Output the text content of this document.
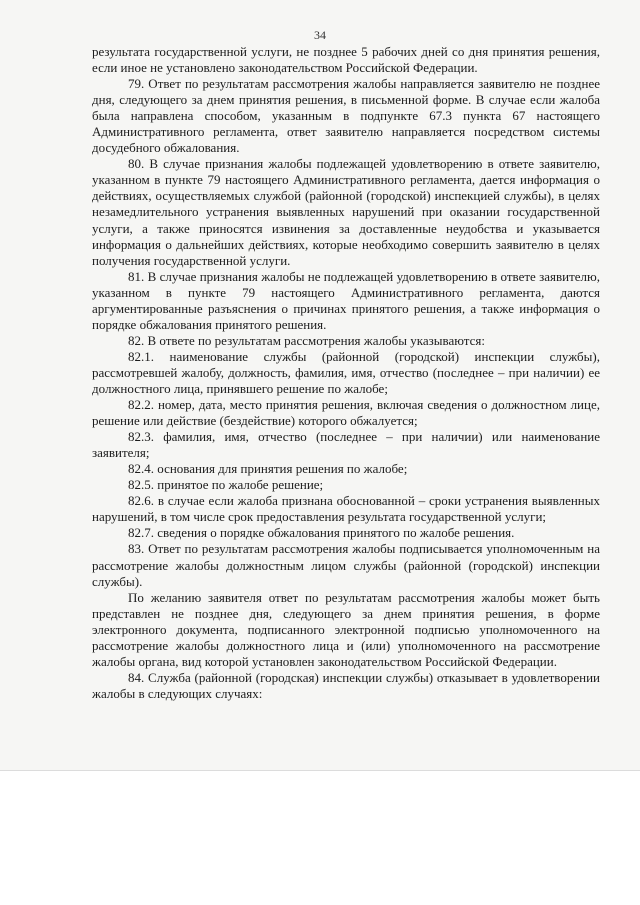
34

результата государственной услуги, не позднее 5 рабочих дней со дня принятия решения, если иное не установлено законодательством Российской Федерации.

79. Ответ по результатам рассмотрения жалобы направляется заявителю не позднее дня, следующего за днем принятия решения, в письменной форме. В случае если жалоба была направлена способом, указанным в подпункте 67.3 пункта 67 настоящего Административного регламента, ответ заявителю направляется посредством системы досудебного обжалования.

80. В случае признания жалобы подлежащей удовлетворению в ответе заявителю, указанном в пункте 79 настоящего Административного регламента, дается информация о действиях, осуществляемых службой (районной (городской) инспекцией службы), в целях незамедлительного устранения выявленных нарушений при оказании государственной услуги, а также приносятся извинения за доставленные неудобства и указывается информация о дальнейших действиях, которые необходимо совершить заявителю в целях получения государственной услуги.

81. В случае признания жалобы не подлежащей удовлетворению в ответе заявителю, указанном в пункте 79 настоящего Административного регламента, даются аргументированные разъяснения о причинах принятого решения, а также информация о порядке обжалования принятого решения.

82. В ответе по результатам рассмотрения жалобы указываются:

82.1. наименование службы (районной (городской) инспекции службы), рассмотревшей жалобу, должность, фамилия, имя, отчество (последнее – при наличии) ее должностного лица, принявшего решение по жалобе;

82.2. номер, дата, место принятия решения, включая сведения о должностном лице, решение или действие (бездействие) которого обжалуется;

82.3. фамилия, имя, отчество (последнее – при наличии) или наименование заявителя;

82.4. основания для принятия решения по жалобе;

82.5. принятое по жалобе решение;

82.6. в случае если жалоба признана обоснованной – сроки устранения выявленных нарушений, в том числе срок предоставления результата государственной услуги;

82.7. сведения о порядке обжалования принятого по жалобе решения.

83. Ответ по результатам рассмотрения жалобы подписывается уполномоченным на рассмотрение жалобы должностным лицом службы (районной (городской) инспекции службы).

По желанию заявителя ответ по результатам рассмотрения жалобы может быть представлен не позднее дня, следующего за днем принятия решения, в форме электронного документа, подписанного электронной подписью уполномоченного на рассмотрение жалобы должностного лица и (или) уполномоченного на рассмотрение жалобы органа, вид которой установлен законодательством Российской Федерации.

84. Служба (районной (городская) инспекции службы) отказывает в удовлетворении жалобы в следующих случаях:
